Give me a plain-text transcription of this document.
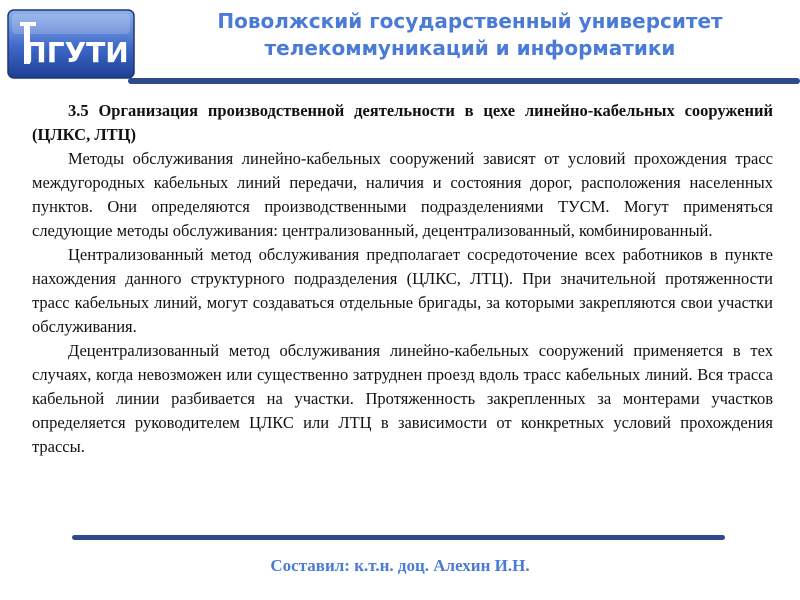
ПГУТИ
Поволжский государственный университет
телекоммуникаций и информатики

3.5 Организация производственной деятельности в цехе линейно-кабельных сооружений (ЦЛКС, ЛТЦ)

Методы обслуживания линейно-кабельных сооружений зависят от условий прохождения трасс междугородных кабельных линий передачи, наличия и состояния дорог, расположения населенных пунктов. Они определяются производственными подразделениями ТУСМ. Могут применяться следующие методы обслуживания: централизованный, децентрализованный, комбинированный.

Централизованный метод обслуживания предполагает сосредоточение всех работников в пункте нахождения данного структурного подразделения (ЦЛКС, ЛТЦ). При значительной протяженности трасс кабельных линий, могут создаваться отдельные бригады, за которыми закрепляются свои участки обслуживания.

Децентрализованный метод обслуживания линейно-кабельных сооружений применяется в тех случаях, когда невозможен или существенно затруднен проезд вдоль трасс кабельных линий. Вся трасса кабельной линии разбивается на участки. Протяженность закрепленных за монтерами участков определяется руководителем ЦЛКС или ЛТЦ в зависимости от конкретных условий прохождения трассы.

Составил: к.т.н. доц. Алехин И.Н.
